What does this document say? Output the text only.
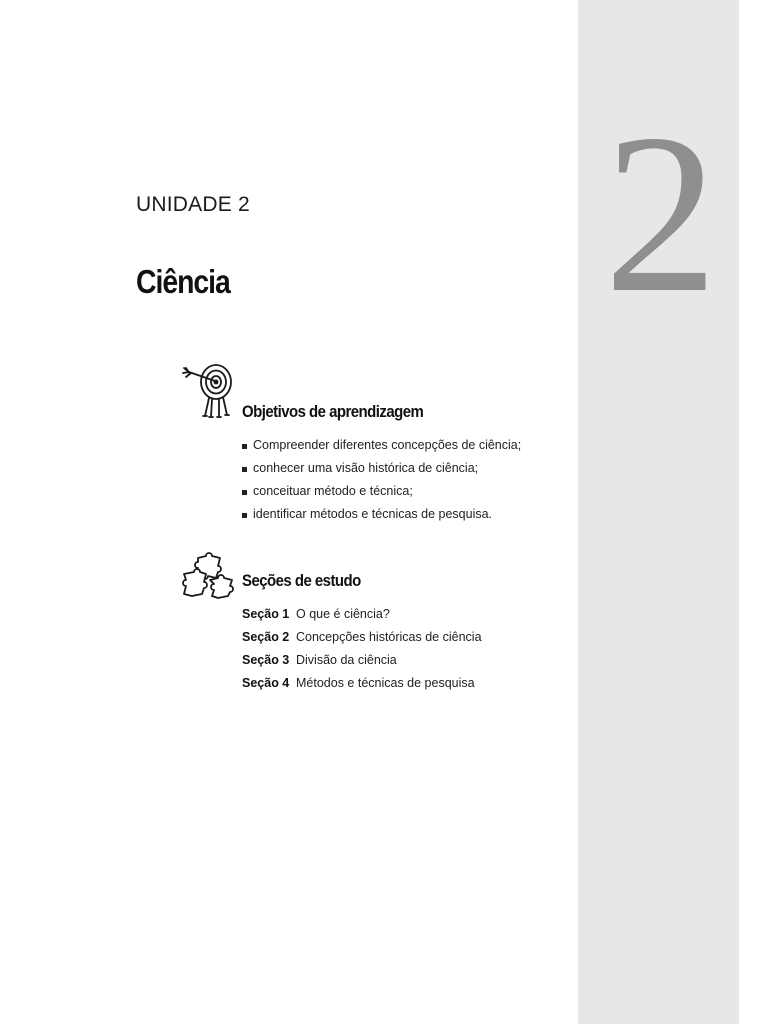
2
UNIDADE 2
Ciência
Objetivos de aprendizagem
Compreender diferentes concepções de ciência;
conhecer uma visão histórica de ciência;
conceituar método e técnica;
identificar métodos e técnicas de pesquisa.
Seções de estudo
Seção 1 O que é ciência?
Seção 2 Concepções históricas de ciência
Seção 3 Divisão da ciência
Seção 4 Métodos e técnicas de pesquisa
